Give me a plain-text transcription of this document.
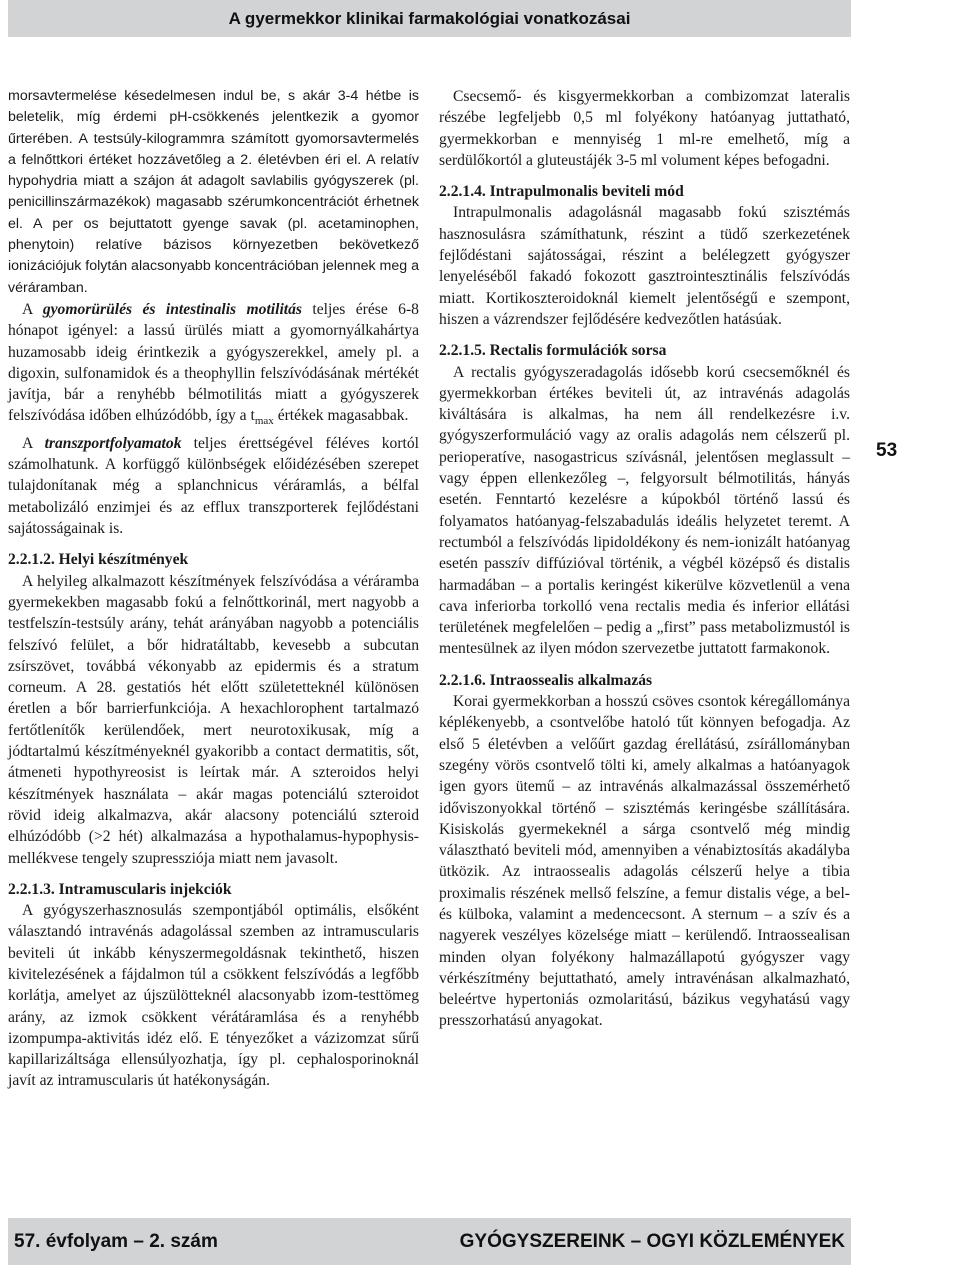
A gyermekkor klinikai farmakológiai vonatkozásai

morsavtermelése késedelmesen indul be, s akár 3-4 hétbe is beletelik, míg érdemi pH-csökkenés jelentkezik a gyomor űrterében. A testsúly-kilogrammra számított gyomorsavtermelés a felnőttkori értéket hozzávetőleg a 2. életévben éri el. A relatív hypohydria miatt a szájon át adagolt savlabilis gyógyszerek (pl. penicillinszármazékok) magasabb szérumkoncentrációt érhetnek el. A per os bejuttatott gyenge savak (pl. acetaminophen, phenytoin) relatíve bázisos környezetben bekövetkező ionizációjuk folytán alacsonyabb koncentrációban jelennek meg a véráramban.

A gyomorürülés és intestinalis motilitás teljes érése 6-8 hónapot igényel: a lassú ürülés miatt a gyomornyálkahártya huzamosabb ideig érintkezik a gyógyszerekkel, amely pl. a digoxin, sulfonamidok és a theophyllin felszívódásának mértékét javítja, bár a renyhébb bélmotilitás miatt a gyógyszerek felszívódása időben elhúzódóbb, így a $t_{max}$ értékek magasabbak.

A transzportfolyamatok teljes érettségével féléves kortól számolhatunk. A korfüggő különbségek előidézésében szerepet tulajdonítanak még a splanchnicus véráramlás, a bélfal metabolizáló enzimjei és az efflux transzporterek fejlődéstani sajátosságainak is.

2.2.1.2. Helyi készítmények

A helyileg alkalmazott készítmények felszívódása a véráramba gyermekekben magasabb fokú a felnőttkorinál, mert nagyobb a testfelszín-testsúly arány, tehát arányában nagyobb a potenciális felszívó felület, a bőr hidratáltabb, kevesebb a subcutan zsírszövet, továbbá vékonyabb az epidermis és a stratum corneum. A 28. gestatiós hét előtt születetteknél különösen éretlen a bőr barrierfunkciója. A hexachlorophent tartalmazó fertőtlenítők kerülendőek, mert neurotoxikusak, míg a jódtartalmú készítményeknél gyakoribb a contact dermatitis, sőt, átmeneti hypothyreosist is leírtak már. A szteroidos helyi készítmények használata – akár magas potenciálú szteroidot rövid ideig alkalmazva, akár alacsony potenciálú szteroid elhúzódóbb (>2 hét) alkalmazása a hypothalamus-hypophysis-mellékvese tengely szupressziója miatt nem javasolt.

2.2.1.3. Intramuscularis injekciók

A gyógyszerhasznosulás szempontjából optimális, elsőként választandó intravénás adagolással szemben az intramuscularis beviteli út inkább kényszermegoldásnak tekinthető, hiszen kivitelezésének a fájdalmon túl a csökkent felszívódás a legfőbb korlátja, amelyet az újszülötteknél alacsonyabb izom-testtömeg arány, az izmok csökkent vérátáramlása és a renyhébb izompumpa-aktivitás idéz elő. E tényezőket a vázizomzat sűrű kapillarizáltsága ellensúlyozhatja, így pl. cephalosporinoknál javít az intramuscularis út hatékonyságán.

Csecsemő- és kisgyermekkorban a combizomzat lateralis részébe legfeljebb 0,5 ml folyékony hatóanyag juttatható, gyermekkorban e mennyiség 1 ml-re emelhető, míg a serdülőkortól a gluteustájék 3-5 ml volument képes befogadni.

2.2.1.4. Intrapulmonalis beviteli mód

Intrapulmonalis adagolásnál magasabb fokú szisztémás hasznosulásra számíthatunk, részint a tüdő szerkezetének fejlődéstani sajátosságai, részint a belélegzett gyógyszer lenyeléséből fakadó fokozott gasztrointesztinális felszívódás miatt. Kortikoszteroidoknál kiemelt jelentőségű e szempont, hiszen a vázrendszer fejlődésére kedvezőtlen hatásúak.

2.2.1.5. Rectalis formulációk sorsa

A rectalis gyógyszeradagolás idősebb korú csecsemőknél és gyermekkorban értékes beviteli út, az intravénás adagolás kiváltására is alkalmas, ha nem áll rendelkezésre i.v. gyógyszerformuláció vagy az oralis adagolás nem célszerű pl. perioperatíve, nasogastricus szívásnál, jelentősen meglassult – vagy éppen ellenkezőleg –, felgyorsult bélmotilitás, hányás esetén. Fenntartó kezelésre a kúpokból történő lassú és folyamatos hatóanyag-felszabadulás ideális helyzetet teremt. A rectumból a felszívódás lipidoldékony és nem-ionizált hatóanyag esetén passzív diffúzióval történik, a végbél középső és distalis harmadában – a portalis keringést kikerülve közvetlenül a vena cava inferiorba torkolló vena rectalis media és inferior ellátási területének megfelelően – pedig a „first” pass metabolizmustól is mentesülnek az ilyen módon szervezetbe juttatott farmakonok.

2.2.1.6. Intraossealis alkalmazás

Korai gyermekkorban a hosszú csöves csontok kéregállománya képlékenyebb, a csontvelőbe hatoló tűt könnyen befogadja. Az első 5 életévben a velőűrt gazdag érellátású, zsírállományban szegény vörös csontvelő tölti ki, amely alkalmas a hatóanyagok igen gyors ütemű – az intravénás alkalmazással összemérhető időviszonyokkal történő – szisztémás keringésbe szállítására. Kisiskolás gyermekeknél a sárga csontvelő még mindig választható beviteli mód, amennyiben a vénabiztosítás akadályba ütközik. Az intraossealis adagolás célszerű helye a tibia proximalis részének mellső felszíne, a femur distalis vége, a bel- és külboka, valamint a medencecsont. A sternum – a szív és a nagyerek veszélyes közelsége miatt – kerülendő. Intraossealisan minden olyan folyékony halmazállapotú gyógyszer vagy vérkészítmény bejuttatható, amely intravénásan alkalmazható, beleértve hypertoniás ozmolaritású, bázikus vegyhatású vagy presszorhatású anyagokat.

53
57. évfolyam – 2. szám	GYÓGYSZEREINK – OGYI KÖZLEMÉNYEK
